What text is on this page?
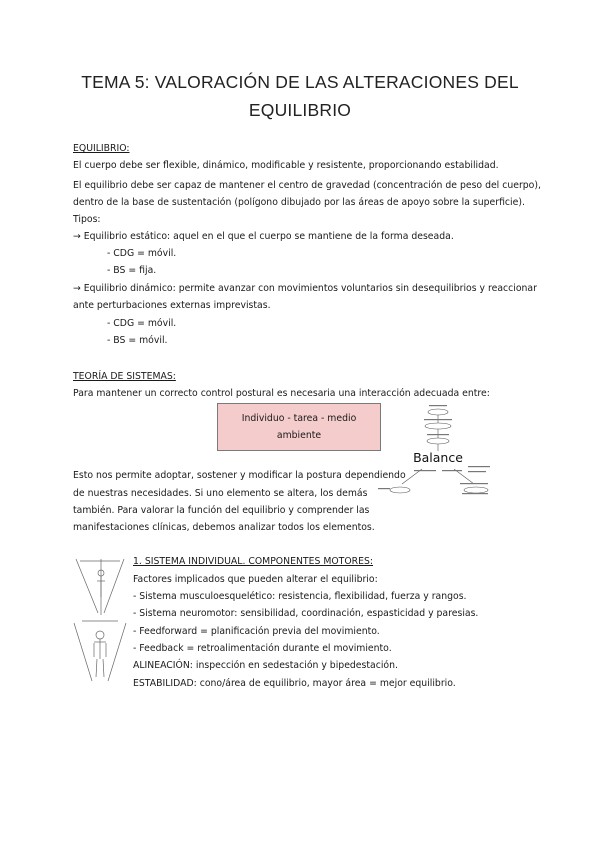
TEMA 5: VALORACIÓN DE LAS ALTERACIONES DEL
EQUILIBRIO
EQUILIBRIO:
El cuerpo debe ser flexible, dinámico, modificable y resistente, proporcionando estabilidad.
El equilibrio debe ser capaz de mantener el centro de gravedad (concentración de peso del cuerpo),
dentro de la base de sustentación (polígono dibujado por las áreas de apoyo sobre la superficie).
Tipos:
→ Equilibrio estático: aquel en el que el cuerpo se mantiene de la forma deseada.
- CDG = móvil.
- BS = fija.
→ Equilibrio dinámico: permite avanzar con movimientos voluntarios sin desequilibrios y reaccionar
ante perturbaciones externas imprevistas.
- CDG = móvil.
- BS = móvil.
TEORÍA DE SISTEMAS:
Para mantener un correcto control postural es necesaria una interacción adecuada entre:
Individuo - tarea - medio
ambiente
Balance
Esto nos permite adoptar, sostener y modificar la postura dependiendo
de nuestras necesidades. Si uno elemento se altera, los demás
también. Para valorar la función del equilibrio y comprender las
manifestaciones clínicas, debemos analizar todos los elementos.
1. SISTEMA INDIVIDUAL. COMPONENTES MOTORES:
Factores implicados que pueden alterar el equilibrio:
- Sistema musculoesquelético: resistencia, flexibilidad, fuerza y rangos.
- Sistema neuromotor: sensibilidad, coordinación, espasticidad y paresias.
- Feedforward = planificación previa del movimiento.
- Feedback = retroalimentación durante el movimiento.
ALINEACIÓN: inspección en sedestación y bipedestación.
ESTABILIDAD: cono/área de equilibrio, mayor área = mejor equilibrio.
